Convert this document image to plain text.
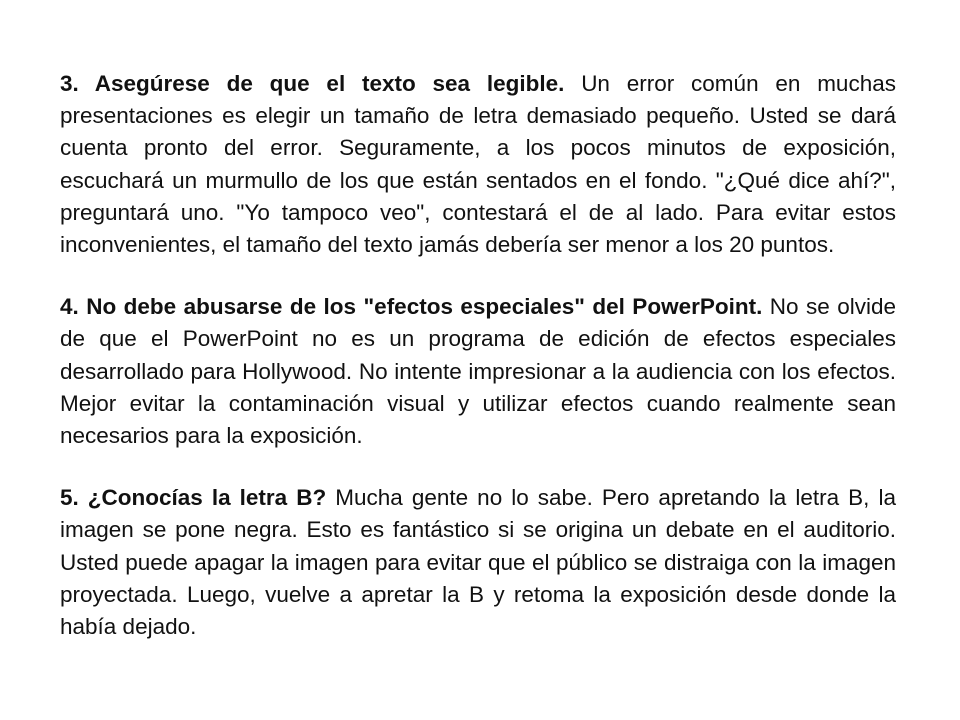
3. Asegúrese de que el texto sea legible. Un error común en muchas presentaciones es elegir un tamaño de letra demasiado pequeño. Usted se dará cuenta pronto del error. Seguramente, a los pocos minutos de exposición, escuchará un murmullo de los que están sentados en el fondo. "¿Qué dice ahí?", preguntará uno. "Yo tampoco veo", contestará el de al lado. Para evitar estos inconvenientes, el tamaño del texto jamás debería ser menor a los 20 puntos.

4. No debe abusarse de los "efectos especiales" del PowerPoint. No se olvide de que el PowerPoint no es un programa de edición de efectos especiales desarrollado para Hollywood. No intente impresionar a la audiencia con los efectos. Mejor evitar la contaminación visual y utilizar efectos cuando realmente sean necesarios para la exposición.

5. ¿Conocías la letra B? Mucha gente no lo sabe. Pero apretando la letra B, la imagen se pone negra. Esto es fantástico si se origina un debate en el auditorio. Usted puede apagar la imagen para evitar que el público se distraiga con la imagen proyectada. Luego, vuelve a apretar la B y retoma la exposición desde donde la había dejado.
